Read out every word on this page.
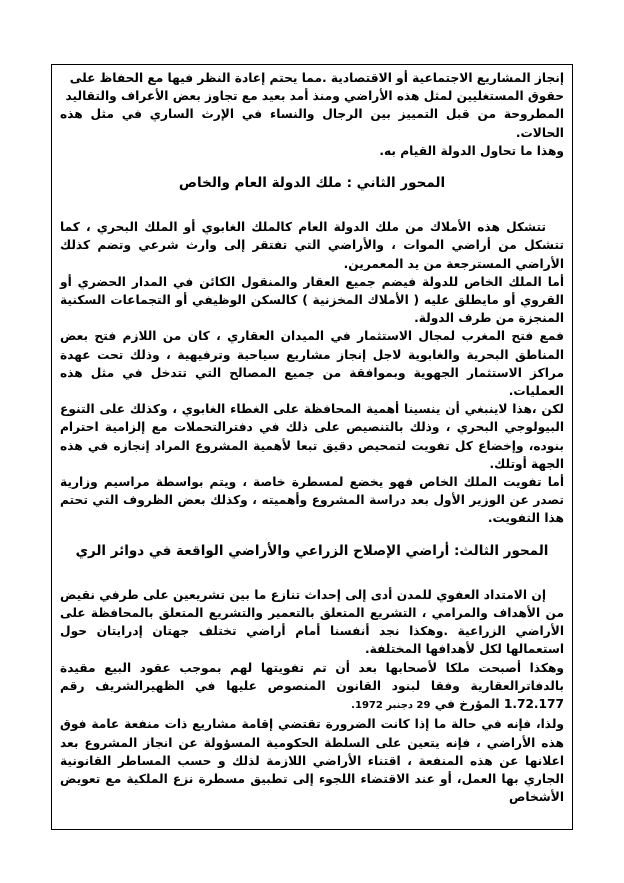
إنجاز المشاريع الاجتماعية أو الاقتصادية .مما يحتم إعادة النظر فيها مع الحفاظ على

حقوق المستغليين لمثل هذه الأراضي ومنذ أمد بعيد مع تجاوز بعض الأعراف والتقاليد

المطروحة من قبل التمييز بين الرجال والنساء في الإرث الساري في مثل هذه الحالات.

وهذا ما تحاول الدولة القيام به.

المحور الثاني : ملك الدولة العام والخاص

تتشكل هذه الأملاك من ملك الدولة العام كالملك الغابوي أو الملك البحري ، كما تتشكل من أراضي الموات ، والأراضي التي تفتقر إلى وارث شرعي وتضم كذلك الأراضي المسترجعة من يد المعمرين.

أما الملك الخاص للدولة فيضم جميع العقار والمنقول الكائن في المدار الحضري أو القروي أو مايطلق عليه ( الأملاك المخزنية ) كالسكن الوظيفي أو التجماعات السكنية المنجزة من طرف الدولة.

فمع فتح المغرب لمجال الاستثمار في الميدان العقاري ، كان من اللازم فتح بعض المناطق البحرية والغابوية لاجل إنجاز مشاريع سياحية وترفيهية ، وذلك تحت عهدة مراكز الاستثمار الجهوية وبموافقة من جميع المصالح التي تتدخل في مثل هذه العمليات.

لكن ،هذا لاينبغي أن ينسينا أهمية المحافظة على الغطاء الغابوي ، وكذلك على التنوع البيولوجي البحري ، وذلك بالتنصيص على ذلك في دفترالتحملات مع إلزامية احترام بنوده، وإخضاع كل تفويت لتمحيص دقيق تبعا لأهمية المشروع المراد إنجازه في هذه الجهة أوتلك.

أما تفويت الملك الخاص فهو يخضع لمسطرة خاصة ، ويتم بواسطة مراسيم وزارية تصدر عن الوزير الأول بعد دراسة المشروع وأهميته ، وكذلك بعض الظروف التي تحتم هذا التفويت.

المحور الثالث: أراضي الإصلاح الزراعي والأراضي الواقعة في دوائر الري

إن الامتداد العفوي للمدن أدى إلى إحداث تنازع ما بين تشريعين على طرفي نقيض من الأهداف والمرامي ، التشريع المتعلق بالتعمير والتشريع المتعلق بالمحافظة على الأراضي الزراعية .وهكذا نجد أنفسنا أمام أراضي تختلف جهتان إدرايتان حول استعمالها لكل لأهدافها المختلفة.

وهكذا أصبحت ملكا لأصحابها بعد أن تم تفويتها لهم بموجب عقود البيع مقيدة بالدفاترالعقارية وفقا لبنود القانون المنصوص عليها في الظهيرالشريف رقم 1.72.177 المؤرخ في 29 دجنبر 1972.

ولذا، فإنه في حالة ما إذا كانت الضرورة تقتضي إقامة مشاريع ذات منفعة عامة فوق هذه الأراضي ، فإنه يتعين على السلطة الحكومية المسؤولة عن انجاز المشروع بعد اعلانها عن هذه المنفعة ، اقتناء الأراضي اللازمة لذلك و حسب المساطر القانونية الجاري بها العمل، أو عند الاقتضاء اللجوء إلى تطبيق مسطرة نزع الملكية مع تعويض الأشخاص
